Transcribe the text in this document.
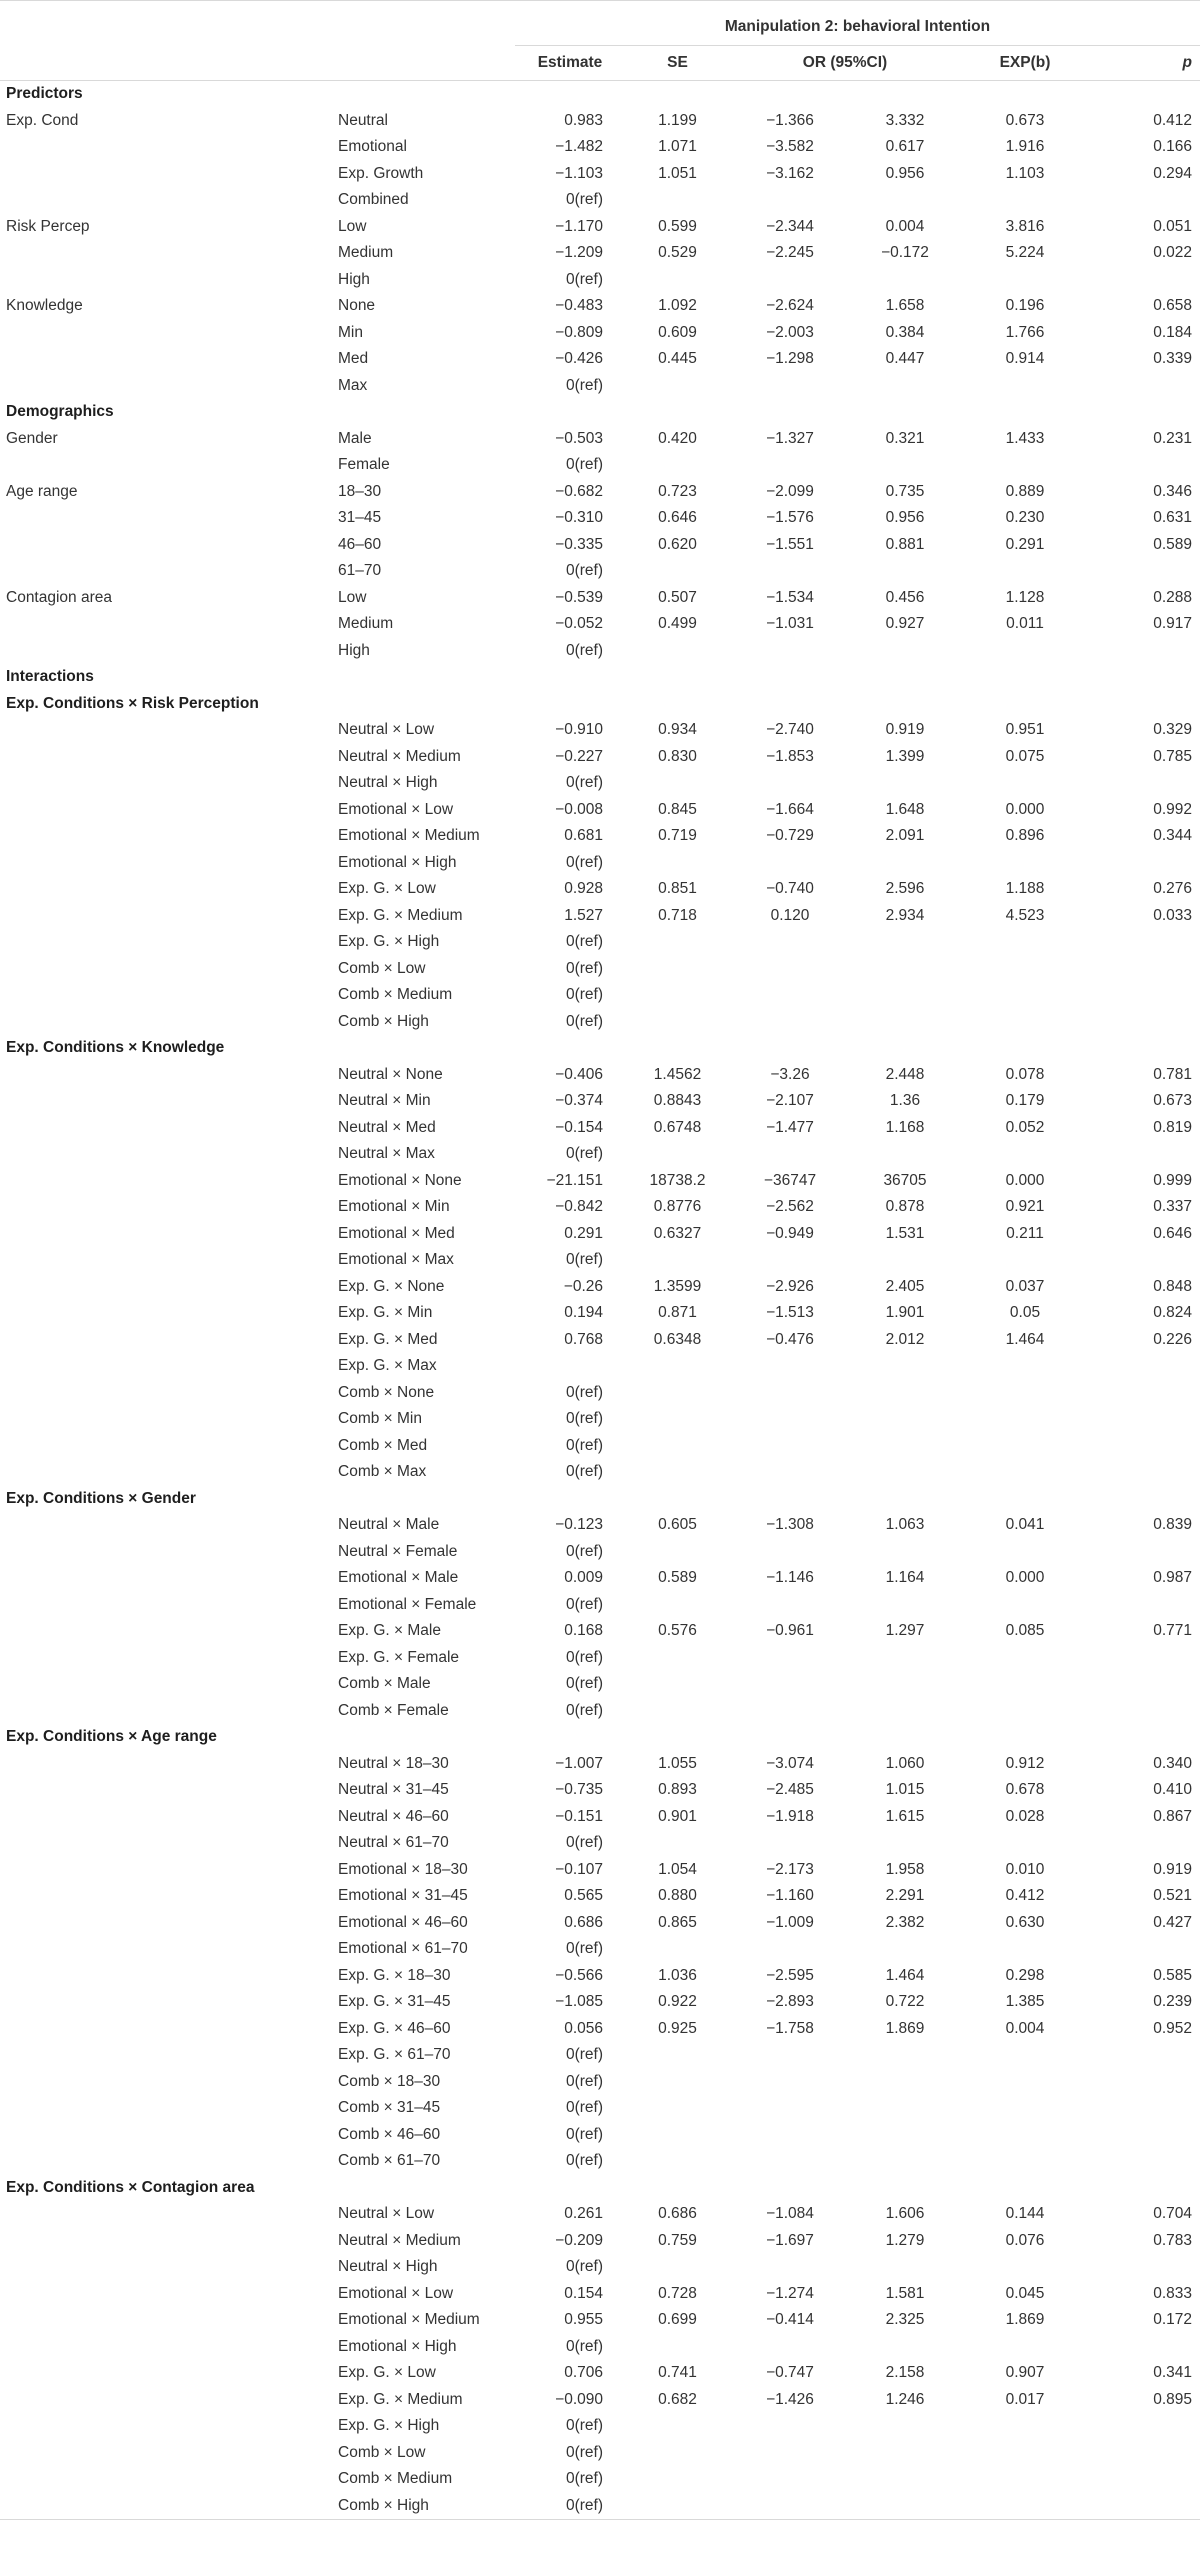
		Manipulation 2: behavioral Intention					
		Estimate	SE	OR (95%CI)		EXP(b)	p
Predictors							
Exp. Cond	Neutral	0.983	1.199	−1.366	3.332	0.673	0.412
	Emotional	−1.482	1.071	−3.582	0.617	1.916	0.166
	Exp. Growth	−1.103	1.051	−3.162	0.956	1.103	0.294
	Combined	0(ref)					
Risk Percep	Low	−1.170	0.599	−2.344	0.004	3.816	0.051
	Medium	−1.209	0.529	−2.245	−0.172	5.224	0.022
	High	0(ref)					
Knowledge	None	−0.483	1.092	−2.624	1.658	0.196	0.658
	Min	−0.809	0.609	−2.003	0.384	1.766	0.184
	Med	−0.426	0.445	−1.298	0.447	0.914	0.339
	Max	0(ref)					
Demographics							
Gender	Male	−0.503	0.420	−1.327	0.321	1.433	0.231
	Female	0(ref)					
Age range	18–30	−0.682	0.723	−2.099	0.735	0.889	0.346
	31–45	−0.310	0.646	−1.576	0.956	0.230	0.631
	46–60	−0.335	0.620	−1.551	0.881	0.291	0.589
	61–70	0(ref)					
Contagion area	Low	−0.539	0.507	−1.534	0.456	1.128	0.288
	Medium	−0.052	0.499	−1.031	0.927	0.011	0.917
	High	0(ref)					
Interactions							
Exp. Conditions × Risk Perception							
	Neutral × Low	−0.910	0.934	−2.740	0.919	0.951	0.329
	Neutral × Medium	−0.227	0.830	−1.853	1.399	0.075	0.785
	Neutral × High	0(ref)					
	Emotional × Low	−0.008	0.845	−1.664	1.648	0.000	0.992
	Emotional × Medium	0.681	0.719	−0.729	2.091	0.896	0.344
	Emotional × High	0(ref)					
	Exp. G. × Low	0.928	0.851	−0.740	2.596	1.188	0.276
	Exp. G. × Medium	1.527	0.718	0.120	2.934	4.523	0.033
	Exp. G. × High	0(ref)					
	Comb × Low	0(ref)					
	Comb × Medium	0(ref)					
	Comb × High	0(ref)					
Exp. Conditions × Knowledge							
	Neutral × None	−0.406	1.4562	−3.26	2.448	0.078	0.781
	Neutral × Min	−0.374	0.8843	−2.107	1.36	0.179	0.673
	Neutral × Med	−0.154	0.6748	−1.477	1.168	0.052	0.819
	Neutral × Max	0(ref)					
	Emotional × None	−21.151	18738.2	−36747	36705	0.000	0.999
	Emotional × Min	−0.842	0.8776	−2.562	0.878	0.921	0.337
	Emotional × Med	0.291	0.6327	−0.949	1.531	0.211	0.646
	Emotional × Max	0(ref)					
	Exp. G. × None	−0.26	1.3599	−2.926	2.405	0.037	0.848
	Exp. G. × Min	0.194	0.871	−1.513	1.901	0.05	0.824
	Exp. G. × Med	0.768	0.6348	−0.476	2.012	1.464	0.226
	Exp. G. × Max						
	Comb × None	0(ref)					
	Comb × Min	0(ref)					
	Comb × Med	0(ref)					
	Comb × Max	0(ref)					
Exp. Conditions × Gender							
	Neutral × Male	−0.123	0.605	−1.308	1.063	0.041	0.839
	Neutral × Female	0(ref)					
	Emotional × Male	0.009	0.589	−1.146	1.164	0.000	0.987
	Emotional × Female	0(ref)					
	Exp. G. × Male	0.168	0.576	−0.961	1.297	0.085	0.771
	Exp. G. × Female	0(ref)					
	Comb × Male	0(ref)					
	Comb × Female	0(ref)					
Exp. Conditions × Age range							
	Neutral × 18–30	−1.007	1.055	−3.074	1.060	0.912	0.340
	Neutral × 31–45	−0.735	0.893	−2.485	1.015	0.678	0.410
	Neutral × 46–60	−0.151	0.901	−1.918	1.615	0.028	0.867
	Neutral × 61–70	0(ref)					
	Emotional × 18–30	−0.107	1.054	−2.173	1.958	0.010	0.919
	Emotional × 31–45	0.565	0.880	−1.160	2.291	0.412	0.521
	Emotional × 46–60	0.686	0.865	−1.009	2.382	0.630	0.427
	Emotional × 61–70	0(ref)					
	Exp. G. × 18–30	−0.566	1.036	−2.595	1.464	0.298	0.585
	Exp. G. × 31–45	−1.085	0.922	−2.893	0.722	1.385	0.239
	Exp. G. × 46–60	0.056	0.925	−1.758	1.869	0.004	0.952
	Exp. G. × 61–70	0(ref)					
	Comb × 18–30	0(ref)					
	Comb × 31–45	0(ref)					
	Comb × 46–60	0(ref)					
	Comb × 61–70	0(ref)					
Exp. Conditions × Contagion area							
	Neutral × Low	0.261	0.686	−1.084	1.606	0.144	0.704
	Neutral × Medium	−0.209	0.759	−1.697	1.279	0.076	0.783
	Neutral × High	0(ref)					
	Emotional × Low	0.154	0.728	−1.274	1.581	0.045	0.833
	Emotional × Medium	0.955	0.699	−0.414	2.325	1.869	0.172
	Emotional × High	0(ref)					
	Exp. G. × Low	0.706	0.741	−0.747	2.158	0.907	0.341
	Exp. G. × Medium	−0.090	0.682	−1.426	1.246	0.017	0.895
	Exp. G. × High	0(ref)					
	Comb × Low	0(ref)					
	Comb × Medium	0(ref)					
	Comb × High	0(ref)					
